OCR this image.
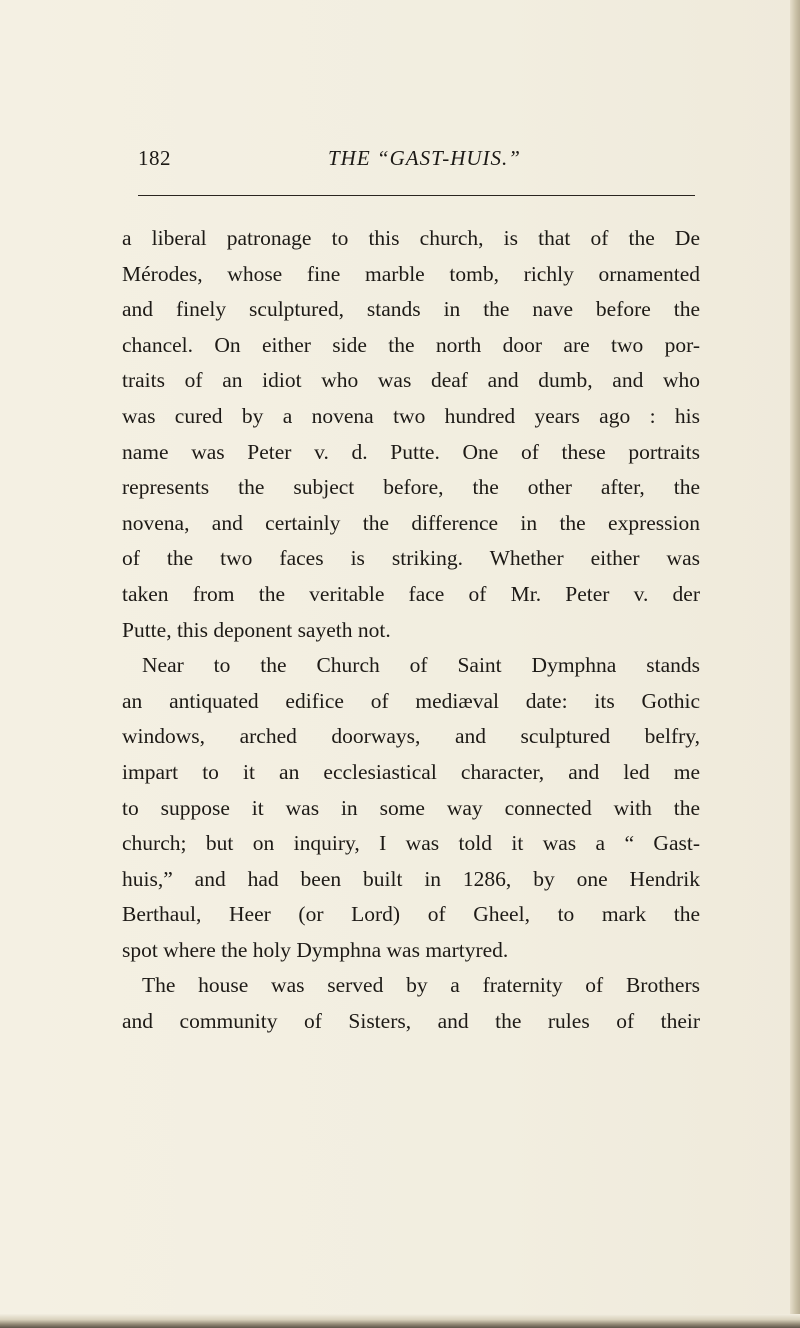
182	THE “GAST-HUIS.”
a liberal patronage to this church, is that of the De
Mérodes, whose fine marble tomb, richly ornamented
and finely sculptured, stands in the nave before the
chancel. On either side the north door are two por-
traits of an idiot who was deaf and dumb, and who
was cured by a novena two hundred years ago : his
name was Peter v. d. Putte. One of these portraits
represents the subject before, the other after, the
novena, and certainly the difference in the expression
of the two faces is striking. Whether either was
taken from the veritable face of Mr. Peter v. der
Putte, this deponent sayeth not.
Near to the Church of Saint Dymphna stands
an antiquated edifice of mediæval date: its Gothic
windows, arched doorways, and sculptured belfry,
impart to it an ecclesiastical character, and led me
to suppose it was in some way connected with the
church; but on inquiry, I was told it was a “ Gast-
huis,” and had been built in 1286, by one Hendrik
Berthaul, Heer (or Lord) of Gheel, to mark the
spot where the holy Dymphna was martyred.
The house was served by a fraternity of Brothers
and community of Sisters, and the rules of their
